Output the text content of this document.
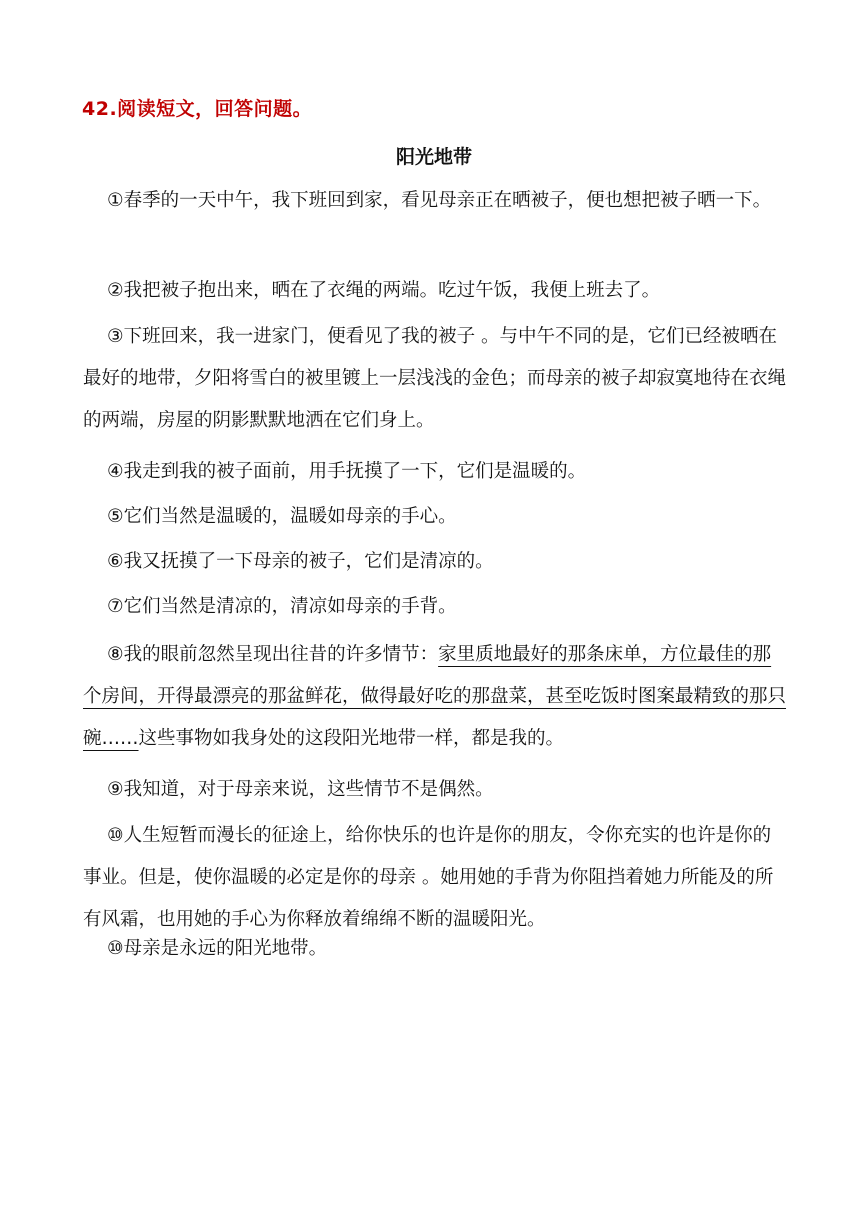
42.阅读短文，回答问题。
阳光地带

①春季的一天中午，我下班回到家，看见母亲正在晒被子，便也想把被子晒一下。

②我把被子抱出来，晒在了衣绳的两端。吃过午饭，我便上班去了。

③下班回来，我一进家门，便看见了我的被子 。与中午不同的是，它们已经被晒在最好的地带，夕阳将雪白的被里镀上一层浅浅的金色；而母亲的被子却寂寞地待在衣绳的两端，房屋的阴影默默地洒在它们身上。

④我走到我的被子面前，用手抚摸了一下，它们是温暖的。

⑤它们当然是温暖的，温暖如母亲的手心。

⑥我又抚摸了一下母亲的被子，它们是清凉的。

⑦它们当然是清凉的，清凉如母亲的手背。

⑧我的眼前忽然呈现出往昔的许多情节：家里质地最好的那条床单，方位最佳的那个房间，开得最漂亮的那盆鲜花，做得最好吃的那盘菜，甚至吃饭时图案最精致的那只碗……这些事物如我身处的这段阳光地带一样，都是我的。

⑨我知道，对于母亲来说，这些情节不是偶然。

⑩人生短暂而漫长的征途上，给你快乐的也许是你的朋友，令你充实的也许是你的事业。但是，使你温暖的必定是你的母亲 。她用她的手背为你阻挡着她力所能及的所有风霜，也用她的手心为你释放着绵绵不断的温暖阳光。

⑩母亲是永远的阳光地带。
